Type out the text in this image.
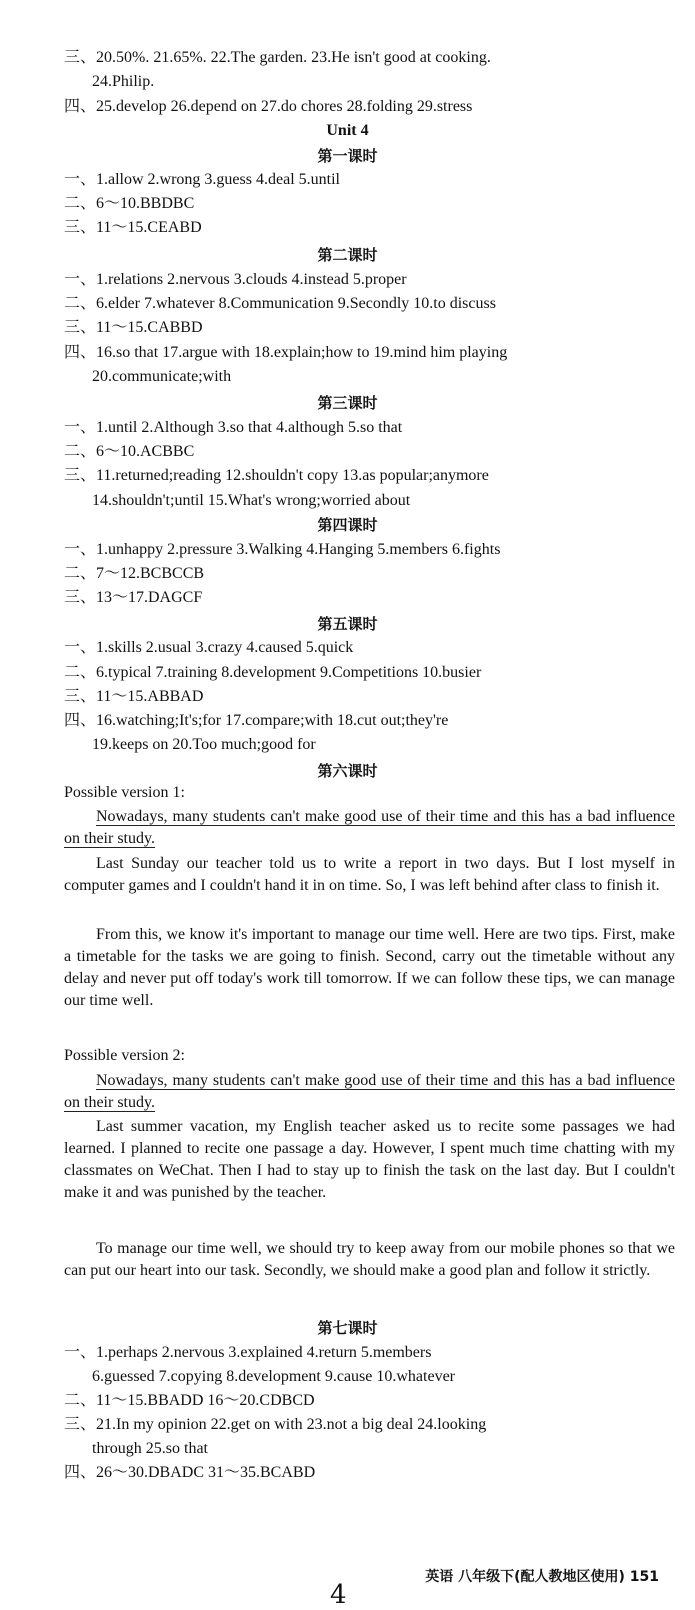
三、20.50%. 21.65%. 22.The garden. 23.He isn't good at cooking.
24.Philip.
四、25.develop 26.depend on 27.do chores 28.folding 29.stress
Unit 4
第一课时
一、1.allow 2.wrong 3.guess 4.deal 5.until
二、6～10.BBDBC
三、11～15.CEABD
第二课时
一、1.relations 2.nervous 3.clouds 4.instead 5.proper
二、6.elder 7.whatever 8.Communication 9.Secondly 10.to discuss
三、11～15.CABBD
四、16.so that 17.argue with 18.explain;how to 19.mind him playing
20.communicate;with
第三课时
一、1.until 2.Although 3.so that 4.although 5.so that
二、6～10.ACBBC
三、11.returned;reading 12.shouldn't copy 13.as popular;anymore
14.shouldn't;until 15.What's wrong;worried about
第四课时
一、1.unhappy 2.pressure 3.Walking 4.Hanging 5.members 6.fights
二、7～12.BCBCCB
三、13～17.DAGCF
第五课时
一、1.skills 2.usual 3.crazy 4.caused 5.quick
二、6.typical 7.training 8.development 9.Competitions 10.busier
三、11～15.ABBAD
四、16.watching;It's;for 17.compare;with 18.cut out;they're
19.keeps on 20.Too much;good for
第六课时
Possible version 1:
Nowadays, many students can't make good use of their time and this has a bad influence on their study.
Last Sunday our teacher told us to write a report in two days. But I lost myself in computer games and I couldn't hand it in on time. So, I was left behind after class to finish it.
From this, we know it's important to manage our time well. Here are two tips. First, make a timetable for the tasks we are going to finish. Second, carry out the timetable without any delay and never put off today's work till tomorrow. If we can follow these tips, we can manage our time well.
Possible version 2:
Nowadays, many students can't make good use of their time and this has a bad influence on their study.
Last summer vacation, my English teacher asked us to recite some passages we had learned. I planned to recite one passage a day. However, I spent much time chatting with my classmates on WeChat. Then I had to stay up to finish the task on the last day. But I couldn't make it and was punished by the teacher.
To manage our time well, we should try to keep away from our mobile phones so that we can put our heart into our task. Secondly, we should make a good plan and follow it strictly.
第七课时
一、1.perhaps 2.nervous 3.explained 4.return 5.members
6.guessed 7.copying 8.development 9.cause 10.whatever
二、11～15.BBADD 16～20.CDBCD
三、21.In my opinion 22.get on with 23.not a big deal 24.looking
through 25.so that
四、26～30.DBADC 31～35.BCABD
英语 八年级下(配人教地区使用) 151
4
